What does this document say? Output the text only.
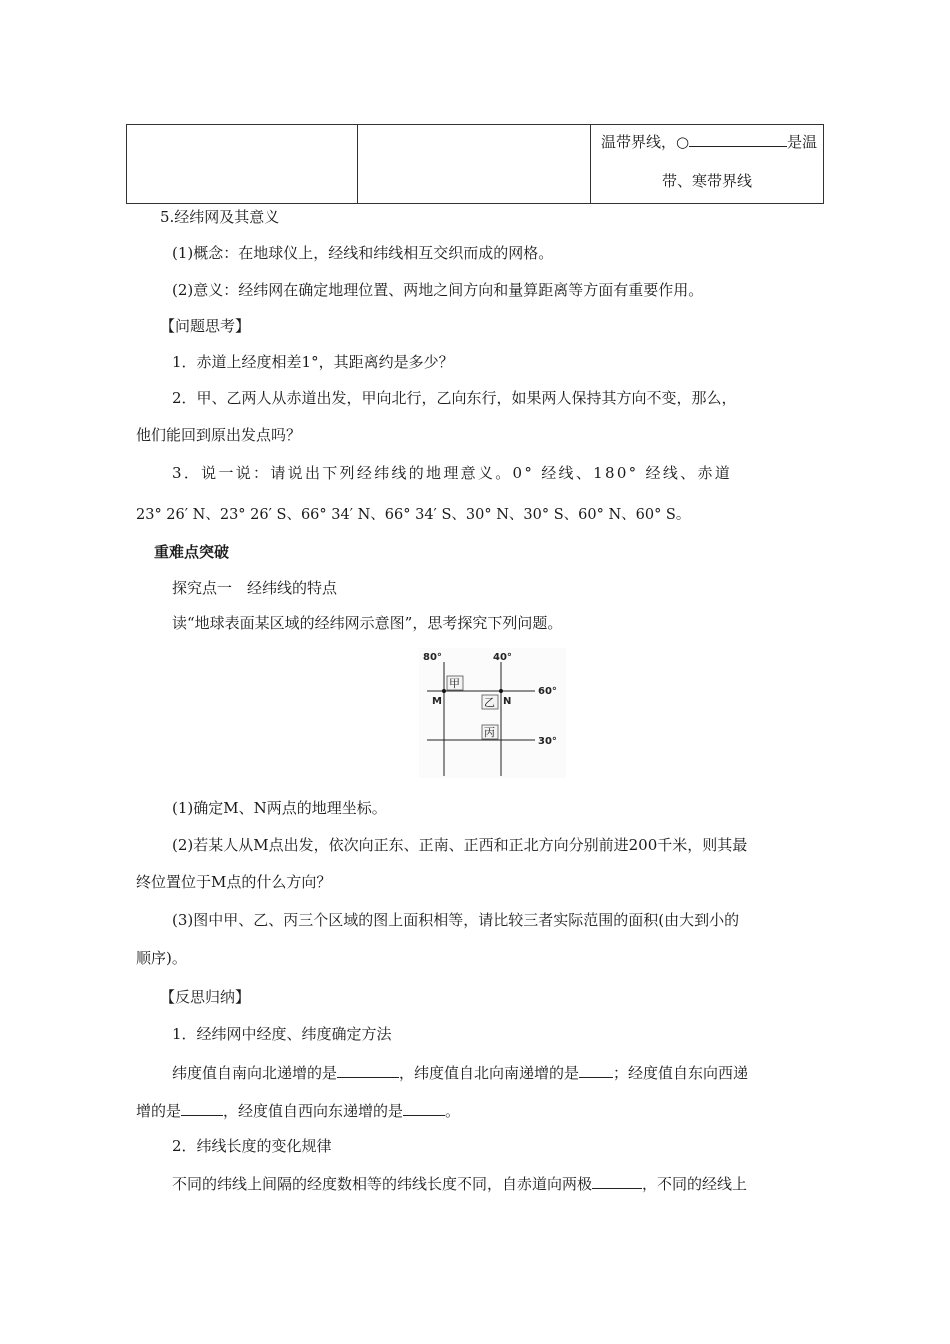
温带界线，○	是温
带、寒带界线
5.经纬网及其意义
(1)概念：在地球仪上，经线和纬线相互交织而成的网格。
(2)意义：经纬网在确定地理位置、两地之间方向和量算距离等方面有重要作用。
【问题思考】
1．赤道上经度相差1°，其距离约是多少？
2．甲、乙两人从赤道出发，甲向北行，乙向东行，如果两人保持其方向不变，那么，
他们能回到原出发点吗？
3．说一说：请说出下列经纬线的地理意义。0° 经线、180° 经线、赤道
23° 26′ N、23° 26′ S、66° 34′ N、66° 34′ S、30° N、30° S、60° N、60° S。
重难点突破
探究点一　经纬线的特点
读“地球表面某区域的经纬网示意图”，思考探究下列问题。
80°	40°
60°
30°
甲
乙
丙
M	N
(1)确定M、N两点的地理坐标。
(2)若某人从M点出发，依次向正东、正南、正西和正北方向分别前进200千米，则其最
终位置位于M点的什么方向？
(3)图中甲、乙、丙三个区域的图上面积相等，请比较三者实际范围的面积(由大到小的
顺序)。
【反思归纳】
1．经纬网中经度、纬度确定方法
纬度值自南向北递增的是	，纬度值自北向南递增的是 ；经度值自东向西递
增的是	，经度值自西向东递增的是	。
2．纬线长度的变化规律
不同的纬线上间隔的经度数相等的纬线长度不同，自赤道向两极	，不同的经线上
